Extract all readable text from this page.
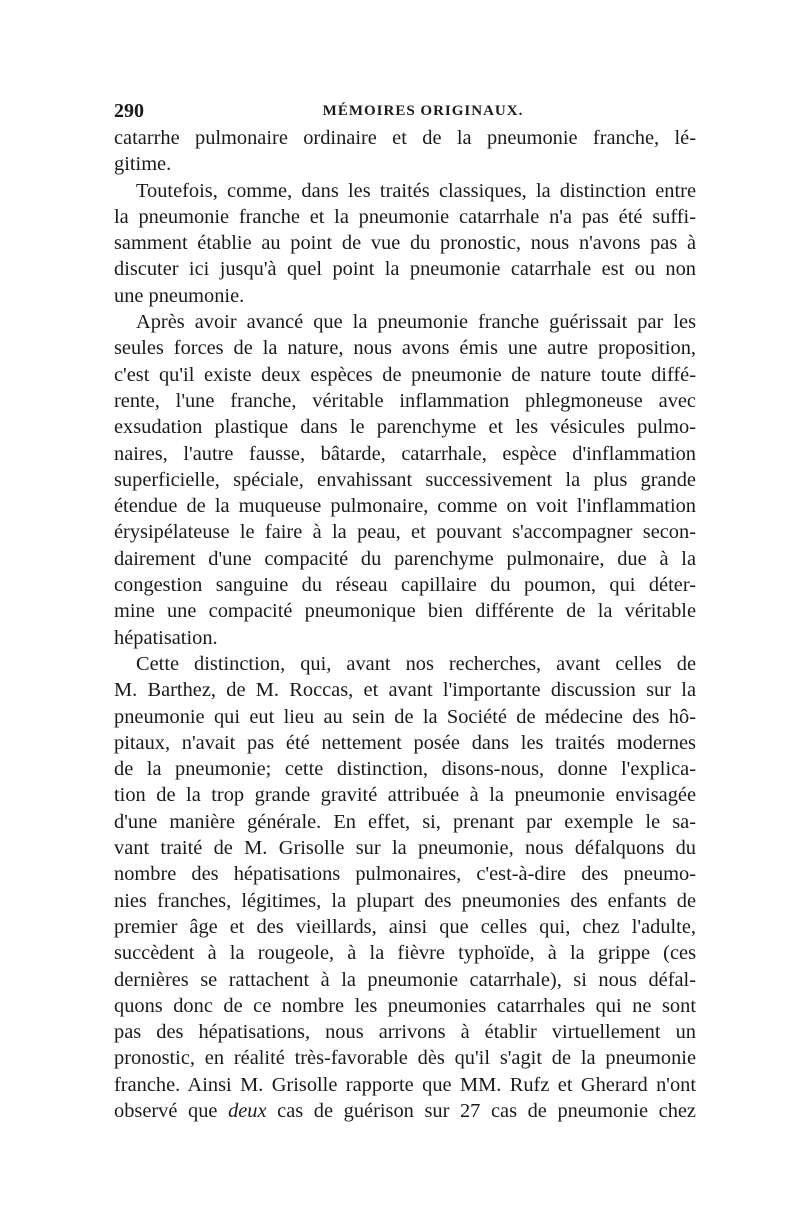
290	MÉMOIRES ORIGINAUX.
catarrhe pulmonaire ordinaire et de la pneumonie franche, lé-
gitime.
Toutefois, comme, dans les traités classiques, la distinction entre
la pneumonie franche et la pneumonie catarrhale n'a pas été suffi-
samment établie au point de vue du pronostic, nous n'avons pas à
discuter ici jusqu'à quel point la pneumonie catarrhale est ou non
une pneumonie.
Après avoir avancé que la pneumonie franche guérissait par les
seules forces de la nature, nous avons émis une autre proposition,
c'est qu'il existe deux espèces de pneumonie de nature toute diffé-
rente, l'une franche, véritable inflammation phlegmoneuse avec
exsudation plastique dans le parenchyme et les vésicules pulmo-
naires, l'autre fausse, bâtarde, catarrhale, espèce d'inflammation
superficielle, spéciale, envahissant successivement la plus grande
étendue de la muqueuse pulmonaire, comme on voit l'inflammation
érysipélateuse le faire à la peau, et pouvant s'accompagner secon-
dairement d'une compacité du parenchyme pulmonaire, due à la
congestion sanguine du réseau capillaire du poumon, qui déter-
mine une compacité pneumonique bien différente de la véritable
hépatisation.
Cette distinction, qui, avant nos recherches, avant celles de
M. Barthez, de M. Roccas, et avant l'importante discussion sur la
pneumonie qui eut lieu au sein de la Société de médecine des hô-
pitaux, n'avait pas été nettement posée dans les traités modernes
de la pneumonie; cette distinction, disons-nous, donne l'explica-
tion de la trop grande gravité attribuée à la pneumonie envisagée
d'une manière générale. En effet, si, prenant par exemple le sa-
vant traité de M. Grisolle sur la pneumonie, nous défalquons du
nombre des hépatisations pulmonaires, c'est-à-dire des pneumo-
nies franches, légitimes, la plupart des pneumonies des enfants de
premier âge et des vieillards, ainsi que celles qui, chez l'adulte,
succèdent à la rougeole, à la fièvre typhoïde, à la grippe (ces
dernières se rattachent à la pneumonie catarrhale), si nous défal-
quons donc de ce nombre les pneumonies catarrhales qui ne sont
pas des hépatisations, nous arrivons à établir virtuellement un
pronostic, en réalité très-favorable dès qu'il s'agit de la pneumonie
franche. Ainsi M. Grisolle rapporte que MM. Rufz et Gherard n'ont
observé que deux cas de guérison sur 27 cas de pneumonie chez
